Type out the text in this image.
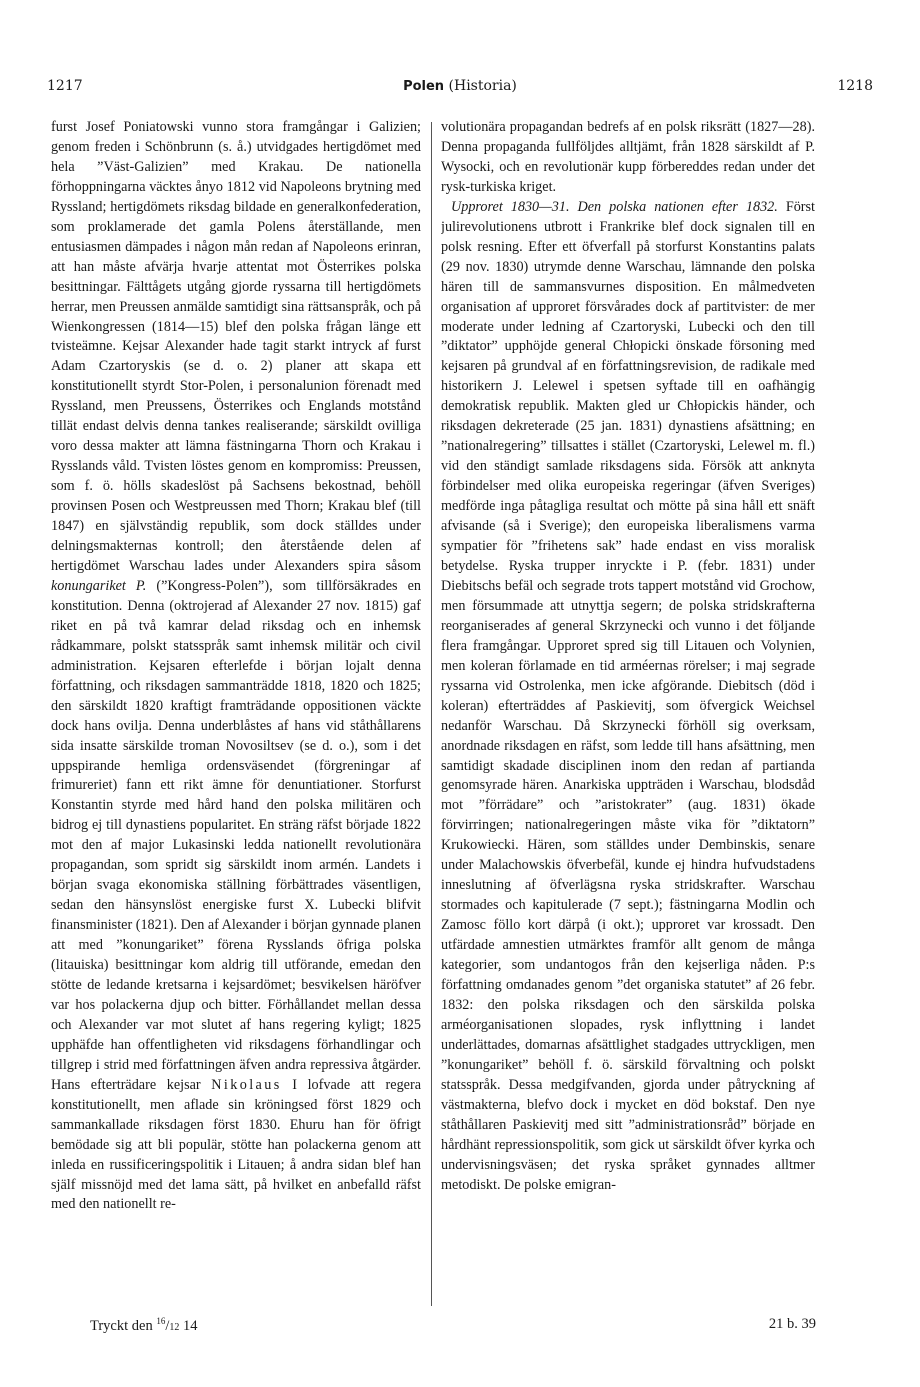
1217	Polen (Historia)	1218

furst Josef Poniatowski vunno stora framgångar i Galizien; genom freden i Schönbrunn (s. å.) utvidgades hertigdömet med hela ”Väst-Galizien” med Krakau. De nationella förhoppningarna väcktes ånyo 1812 vid Napoleons brytning med Ryssland; hertigdömets riksdag bildade en generalkonfederation, som proklamerade det gamla Polens återställande, men entusiasmen dämpades i någon mån redan af Napoleons erinran, att han måste afvärja hvarje attentat mot Österrikes polska besittningar. Fälttågets utgång gjorde ryssarna till hertigdömets herrar, men Preussen anmälde samtidigt sina rättsanspråk, och på Wienkongressen (1814—15) blef den polska frågan länge ett tvisteämne. Kejsar Alexander hade tagit starkt intryck af furst Adam Czartoryskis (se d. o. 2) planer att skapa ett konstitutionellt styrdt Stor-Polen, i personalunion förenadt med Ryssland, men Preussens, Österrikes och Englands motstånd tillät endast delvis denna tankes realiserande; särskildt ovilliga voro dessa makter att lämna fästningarna Thorn och Krakau i Rysslands våld. Tvisten löstes genom en kompromiss: Preussen, som f. ö. hölls skadeslöst på Sachsens bekostnad, behöll provinsen Posen och Westpreussen med Thorn; Krakau blef (till 1847) en självständig republik, som dock ställdes under delningsmakternas kontroll; den återstående delen af hertigdömet Warschau lades under Alexanders spira såsom konungariket P. (”Kongress-Polen”), som tillförsäkrades en konstitution. Denna (oktrojerad af Alexander 27 nov. 1815) gaf riket en på två kamrar delad riksdag och en inhemsk rådkammare, polskt statsspråk samt inhemsk militär och civil administration. Kejsaren efterlefde i början lojalt denna författning, och riksdagen sammanträdde 1818, 1820 och 1825; den särskildt 1820 kraftigt framträdande oppositionen väckte dock hans ovilja. Denna underblåstes af hans vid ståthållarens sida insatte särskilde troman Novosiltsev (se d. o.), som i det uppspirande hemliga ordensväsendet (förgreningar af frimureriet) fann ett rikt ämne för denuntiationer. Storfurst Konstantin styrde med hård hand den polska militären och bidrog ej till dynastiens popularitet. En sträng räfst började 1822 mot den af major Lukasinski ledda nationellt revolutionära propagandan, som spridt sig särskildt inom armén. Landets i början svaga ekonomiska ställning förbättrades väsentligen, sedan den hänsynslöst energiske furst X. Lubecki blifvit finansminister (1821). Den af Alexander i början gynnade planen att med ”konungariket” förena Rysslands öfriga polska (litauiska) besittningar kom aldrig till utförande, emedan den stötte de ledande kretsarna i kejsardömet; besvikelsen häröfver var hos polackerna djup och bitter. Förhållandet mellan dessa och Alexander var mot slutet af hans regering kyligt; 1825 upphäfde han offentligheten vid riksdagens förhandlingar och tillgrep i strid med författningen äfven andra repressiva åtgärder. Hans efterträdare kejsar Nikolaus I lofvade att regera konstitutionellt, men aflade sin kröningsed först 1829 och sammankallade riksdagen först 1830. Ehuru han för öfrigt bemödade sig att bli populär, stötte han polackerna genom att inleda en russificeringspolitik i Litauen; å andra sidan blef han själf missnöjd med det lama sätt, på hvilket en anbefalld räfst med den nationellt re-

volutionära propagandan bedrefs af en polsk riksrätt (1827—28). Denna propaganda fullföljdes alltjämt, från 1828 särskildt af P. Wysocki, och en revolutionär kupp förbereddes redan under det rysk-turkiska kriget.

Upproret 1830—31. Den polska nationen efter 1832. Först julirevolutionens utbrott i Frankrike blef dock signalen till en polsk resning. Efter ett öfverfall på storfurst Konstantins palats (29 nov. 1830) utrymde denne Warschau, lämnande den polska hären till de sammansvurnes disposition. En målmedveten organisation af upproret försvårades dock af partitvister: de mer moderate under ledning af Czartoryski, Lubecki och den till ”diktator” upphöjde general Chłopicki önskade försoning med kejsaren på grundval af en författningsrevision, de radikale med historikern J. Lelewel i spetsen syftade till en oafhängig demokratisk republik. Makten gled ur Chłopickis händer, och riksdagen dekreterade (25 jan. 1831) dynastiens afsättning; en ”nationalregering” tillsattes i stället (Czartoryski, Lelewel m. fl.) vid den ständigt samlade riksdagens sida. Försök att anknyta förbindelser med olika europeiska regeringar (äfven Sveriges) medförde inga påtagliga resultat och mötte på sina håll ett snäft afvisande (så i Sverige); den europeiska liberalismens varma sympatier för ”frihetens sak” hade endast en viss moralisk betydelse. Ryska trupper inryckte i P. (febr. 1831) under Diebitschs befäl och segrade trots tappert motstånd vid Grochow, men försummade att utnyttja segern; de polska stridskrafterna reorganiserades af general Skrzynecki och vunno i det följande flera framgångar. Upproret spred sig till Litauen och Volynien, men koleran förlamade en tid arméernas rörelser; i maj segrade ryssarna vid Ostrolenka, men icke afgörande. Diebitsch (död i koleran) efterträddes af Paskievitj, som öfvergick Weichsel nedanför Warschau. Då Skrzynecki förhöll sig overksam, anordnade riksdagen en räfst, som ledde till hans afsättning, men samtidigt skadade disciplinen inom den redan af partianda genomsyrade hären. Anarkiska uppträden i Warschau, blodsdåd mot ”förrädare” och ”aristokrater” (aug. 1831) ökade förvirringen; nationalregeringen måste vika för ”diktatorn” Krukowiecki. Hären, som ställdes under Dembinskis, senare under Malachowskis öfverbefäl, kunde ej hindra hufvudstadens inneslutning af öfverlägsna ryska stridskrafter. Warschau stormades och kapitulerade (7 sept.); fästningarna Modlin och Zamosc föllo kort därpå (i okt.); upproret var krossadt. Den utfärdade amnestien utmärktes framför allt genom de många kategorier, som undantogos från den kejserliga nåden. P:s författning omdanades genom ”det organiska statutet” af 26 febr. 1832: den polska riksdagen och den särskilda polska arméorganisationen slopades, rysk inflyttning i landet underlättades, domarnas afsättlighet stadgades uttryckligen, men ”konungariket” behöll f. ö. särskild förvaltning och polskt statsspråk. Dessa medgifvanden, gjorda under påtryckning af västmakterna, blefvo dock i mycket en död bokstaf. Den nye ståthållaren Paskievitj med sitt ”administrationsråd” började en hårdhänt repressionspolitik, som gick ut särskildt öfver kyrka och undervisningsväsen; det ryska språket gynnades alltmer metodiskt. De polske emigran-

Tryckt den $^{16}$/12 14	21 b. 39
